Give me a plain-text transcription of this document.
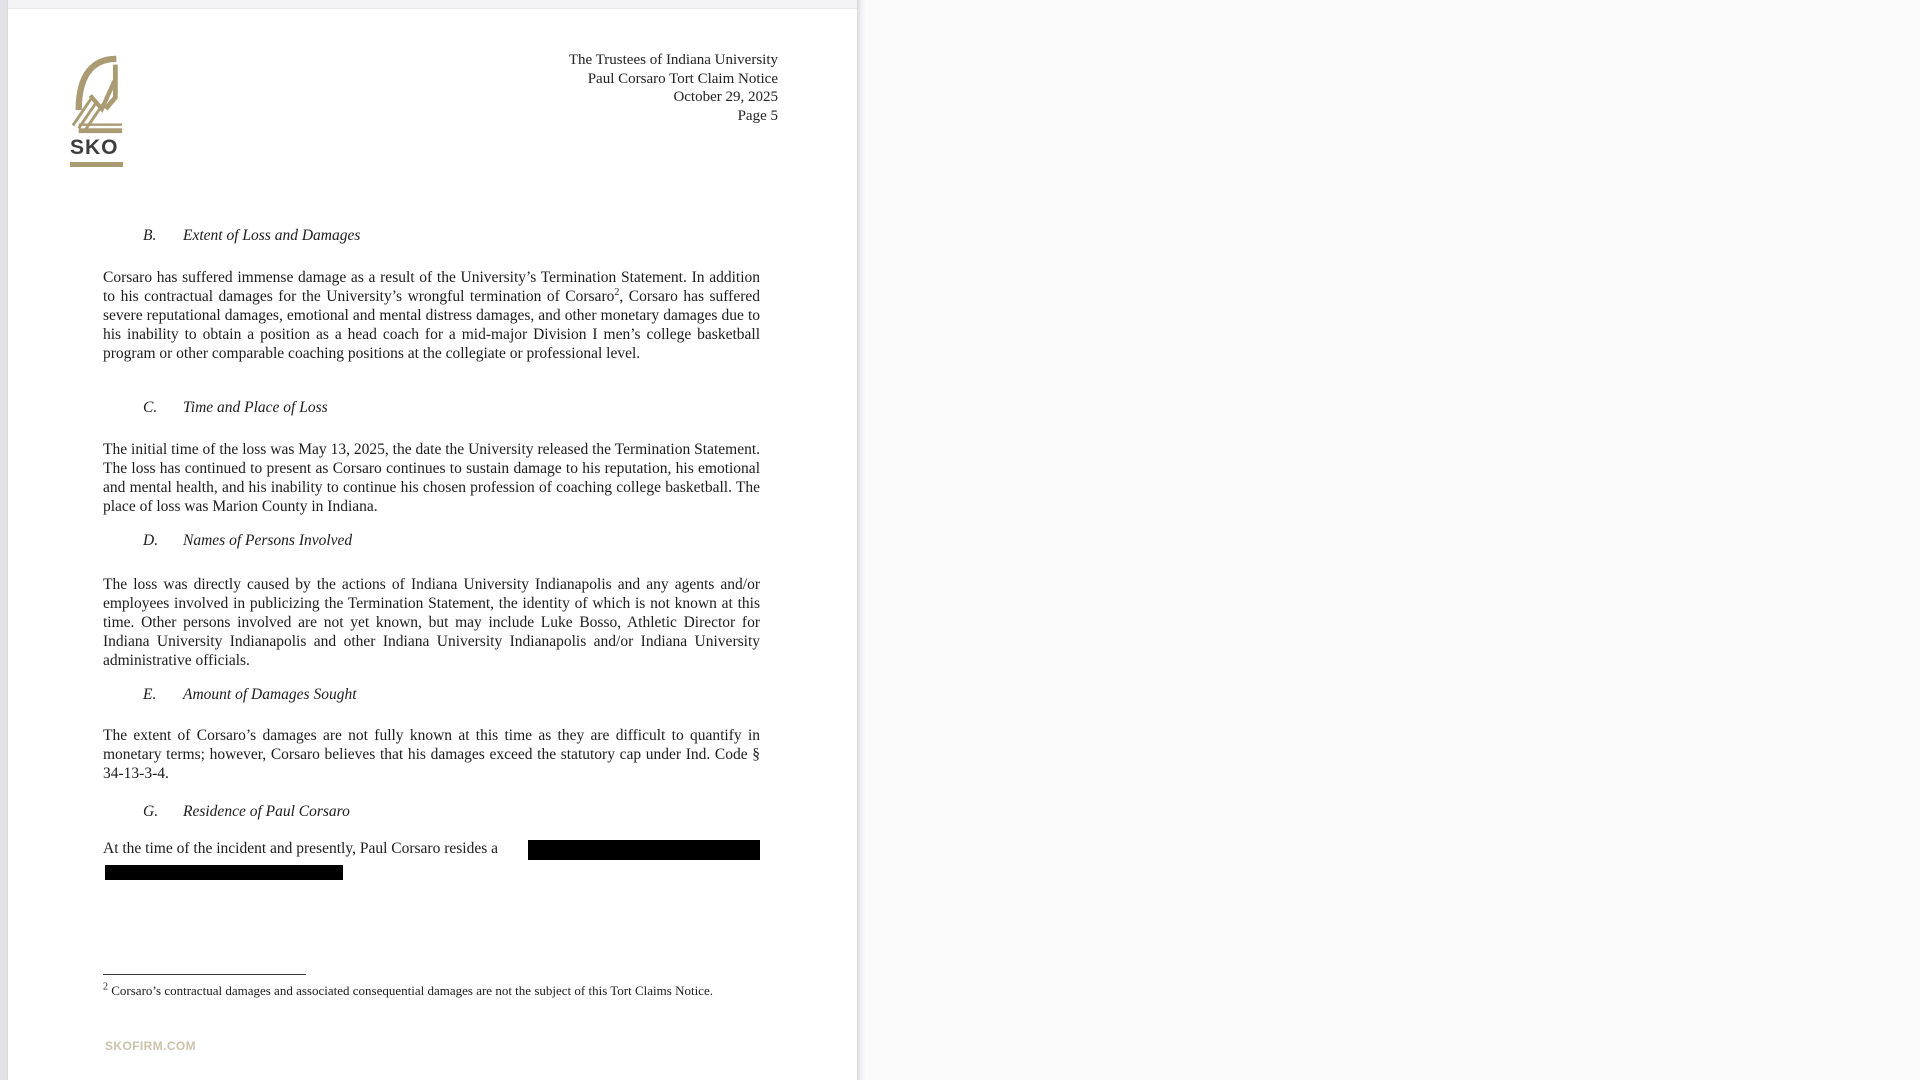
SKO
The Trustees of Indiana University
Paul Corsaro Tort Claim Notice
October 29, 2025
Page 5
B. Extent of Loss and Damages

Corsaro has suffered immense damage as a result of the University’s Termination Statement. In addition to his contractual damages for the University’s wrongful termination of Corsaro$^2$, Corsaro has suffered severe reputational damages, emotional and mental distress damages, and other monetary damages due to his inability to obtain a position as a head coach for a mid-major Division I men’s college basketball program or other comparable coaching positions at the collegiate or professional level.

C. Time and Place of Loss

The initial time of the loss was May 13, 2025, the date the University released the Termination Statement. The loss has continued to present as Corsaro continues to sustain damage to his reputation, his emotional and mental health, and his inability to continue his chosen profession of coaching college basketball. The place of loss was Marion County in Indiana.

D. Names of Persons Involved

The loss was directly caused by the actions of Indiana University Indianapolis and any agents and/or employees involved in publicizing the Termination Statement, the identity of which is not known at this time. Other persons involved are not yet known, but may include Luke Bosso, Athletic Director for Indiana University Indianapolis and other Indiana University Indianapolis and/or Indiana University administrative officials.

E. Amount of Damages Sought

The extent of Corsaro’s damages are not fully known at this time as they are difficult to quantify in monetary terms; however, Corsaro believes that his damages exceed the statutory cap under Ind. Code § 34-13-3-4.

G. Residence of Paul Corsaro
At the time of the incident and presently, Paul Corsaro resides a

$^2$ Corsaro’s contractual damages and associated consequential damages are not the subject of this Tort Claims Notice.

SKOFIRM.COM
